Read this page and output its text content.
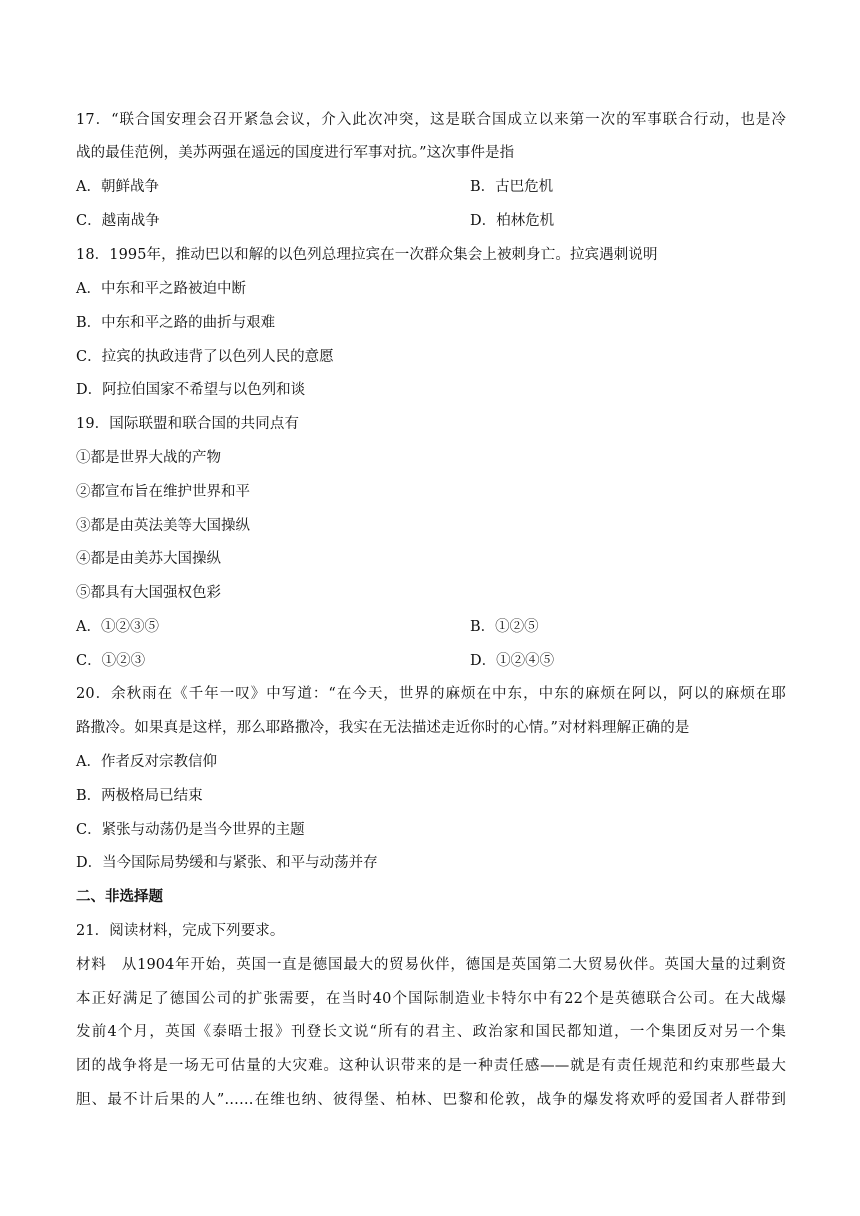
17．“联合国安理会召开紧急会议，介入此次冲突，这是联合国成立以来第一次的军事联合行动，也是冷
战的最佳范例，美苏两强在遥远的国度进行军事对抗。”这次事件是指
A．朝鲜战争	B．古巴危机
C．越南战争	D．柏林危机
18．1995年，推动巴以和解的以色列总理拉宾在一次群众集会上被刺身亡。拉宾遇刺说明
A．中东和平之路被迫中断
B．中东和平之路的曲折与艰难
C．拉宾的执政违背了以色列人民的意愿
D．阿拉伯国家不希望与以色列和谈
19．国际联盟和联合国的共同点有
①都是世界大战的产物
②都宣布旨在维护世界和平
③都是由英法美等大国操纵
④都是由美苏大国操纵
⑤都具有大国强权色彩
A．①②③⑤	B．①②⑤
C．①②③	D．①②④⑤
20．余秋雨在《千年一叹》中写道：“在今天，世界的麻烦在中东，中东的麻烦在阿以，阿以的麻烦在耶
路撒冷。如果真是这样，那么耶路撒冷，我实在无法描述走近你时的心情。”对材料理解正确的是
A．作者反对宗教信仰
B．两极格局已结束
C．紧张与动荡仍是当今世界的主题
D．当今国际局势缓和与紧张、和平与动荡并存
二、非选择题
21．阅读材料，完成下列要求。
材料　从1904年开始，英国一直是德国最大的贸易伙伴，德国是英国第二大贸易伙伴。英国大量的过剩资
本正好满足了德国公司的扩张需要，在当时40个国际制造业卡特尔中有22个是英德联合公司。在大战爆
发前4个月，英国《泰晤士报》刊登长文说“所有的君主、政治家和国民都知道，一个集团反对另一个集
团的战争将是一场无可估量的大灾难。这种认识带来的是一种责任感——就是有责任规范和约束那些最大
胆、最不计后果的人”……在维也纳、彼得堡、柏林、巴黎和伦敦，战争的爆发将欢呼的爱国者人群带到
